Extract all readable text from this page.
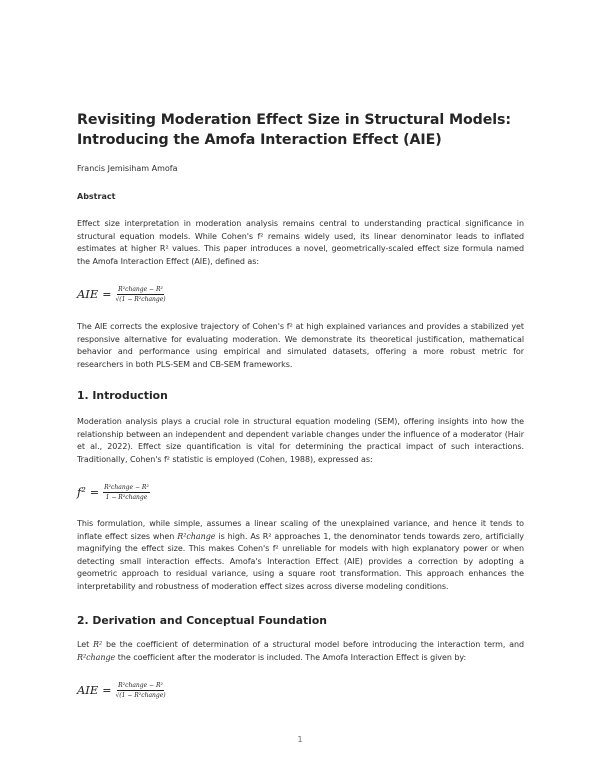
Revisiting Moderation Effect Size in Structural Models: Introducing the Amofa Interaction Effect (AIE)
Francis Jemisiham Amofa
Abstract
Effect size interpretation in moderation analysis remains central to understanding practical significance in structural equation models. While Cohen's f² remains widely used, its linear denominator leads to inflated estimates at higher R² values. This paper introduces a novel, geometrically-scaled effect size formula named the Amofa Interaction Effect (AIE), defined as:
AIE = $\frac{\text{R²change − R²}}{\text{√(1 − R²change)}}$
The AIE corrects the explosive trajectory of Cohen's f² at high explained variances and provides a stabilized yet responsive alternative for evaluating moderation. We demonstrate its theoretical justification, mathematical behavior and performance using empirical and simulated datasets, offering a more robust metric for researchers in both PLS-SEM and CB-SEM frameworks.
1. Introduction
Moderation analysis plays a crucial role in structural equation modeling (SEM), offering insights into how the relationship between an independent and dependent variable changes under the influence of a moderator (Hair et al., 2022). Effect size quantification is vital for determining the practical impact of such interactions. Traditionally, Cohen's f² statistic is employed (Cohen, 1988), expressed as:
$f^2 = \frac{\text{R²change − R²}}{\text{1 − R²change}}$
This formulation, while simple, assumes a linear scaling of the unexplained variance, and hence it tends to inflate effect sizes when R²change is high. As R² approaches 1, the denominator tends towards zero, artificially magnifying the effect size. This makes Cohen's f² unreliable for models with high explanatory power or when detecting small interaction effects. Amofa's Interaction Effect (AIE) provides a correction by adopting a geometric approach to residual variance, using a square root transformation. This approach enhances the interpretability and robustness of moderation effect sizes across diverse modeling conditions.
2. Derivation and Conceptual Foundation
Let R² be the coefficient of determination of a structural model before introducing the interaction term, and R²change the coefficient after the moderator is included. The Amofa Interaction Effect is given by:
AIE = $\frac{\text{R²change − R²}}{\text{√(1 − R²change)}}$
1
